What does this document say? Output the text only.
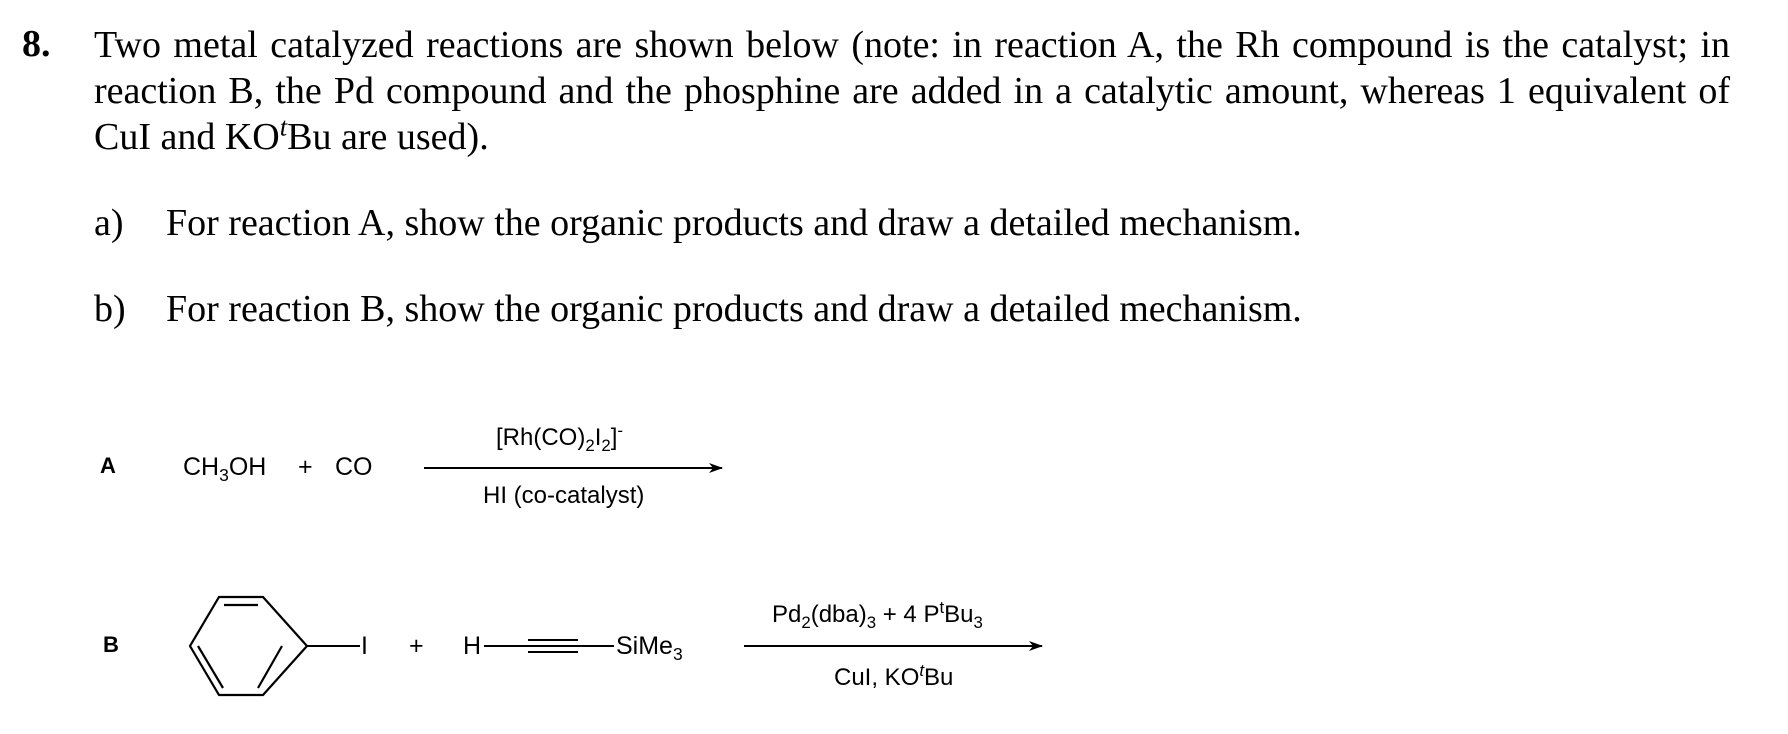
8. Two metal catalyzed reactions are shown below (note: in reaction A, the Rh compound is the catalyst; in reaction B, the Pd compound and the phosphine are added in a catalytic amount, whereas 1 equivalent of CuI and $KO^tBu$ are used).
a) For reaction A, show the organic products and draw a detailed mechanism.
b) For reaction B, show the organic products and draw a detailed mechanism.
A	$CH_3OH$ + CO
$[Rh(CO)_2I_2]^-$
HI (co-catalyst)
B	I + H	SiMe$_3$
$Pd_2(dba)_3 + 4$ $P^tBu_3$
CuI, $KO^tBu$
